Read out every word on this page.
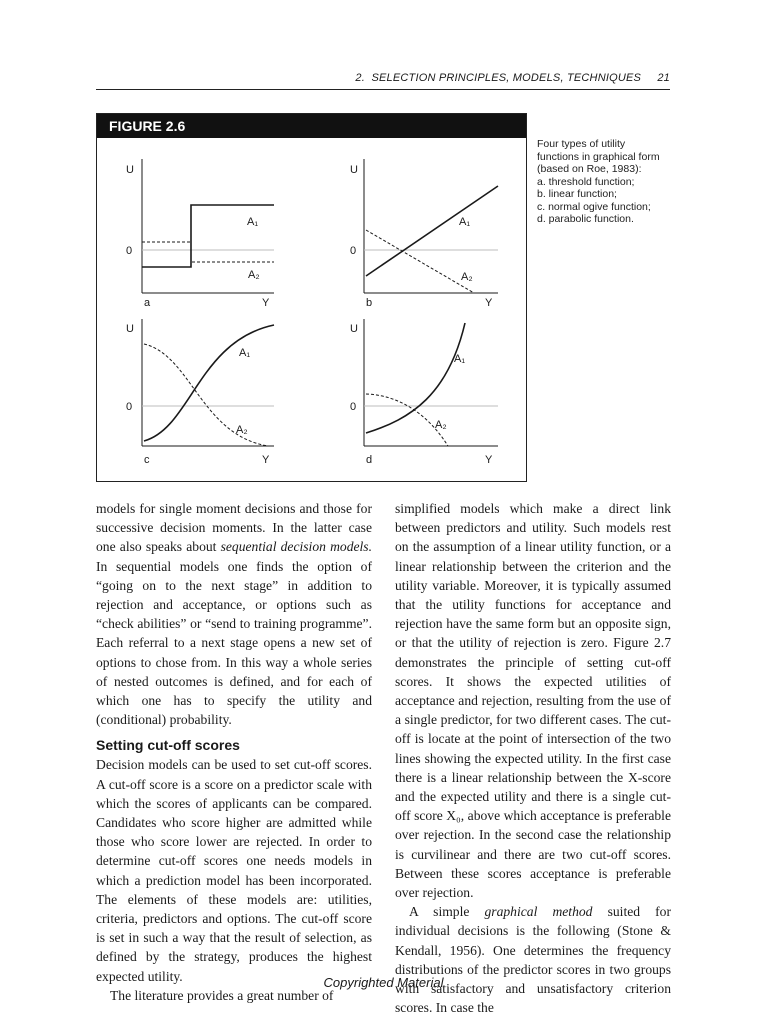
2.  SELECTION PRINCIPLES, MODELS, TECHNIQUES     21
FIGURE 2.6
U
0
A₁
A₂
a	Y
U
0
A₁
A₂
b	Y
U
0
A₁
A₂
c	Y
U
0
A₁
A₂
d	Y
Four types of utility
functions in graphical form
(based on Roe, 1983):
a. threshold function;
b. linear function;
c. normal ogive function;
d. parabolic function.

models for single moment decisions and those for successive decision moments. In the latter case one also speaks about sequential decision models. In sequential models one finds the option of “going on to the next stage” in addition to rejection and acceptance, or options such as “check abilities” or “send to training programme”. Each referral to a next stage opens a new set of options to chose from. In this way a whole series of nested outcomes is defined, and for each of which one has to specify the utility and (conditional) probability.

Setting cut-off scores

Decision models can be used to set cut-off scores. A cut-off score is a score on a predictor scale with which the scores of applicants can be compared. Candidates who score higher are admitted while those who score lower are rejected. In order to determine cut-off scores one needs models in which a prediction model has been incorporated. The elements of these models are: utilities, criteria, predictors and options. The cut-off score is set in such a way that the result of selection, as defined by the strategy, produces the highest expected utility.

The literature provides a great number of

simplified models which make a direct link between predictors and utility. Such models rest on the assumption of a linear utility function, or a linear relationship between the criterion and the utility variable. Moreover, it is typically assumed that the utility functions for acceptance and rejection have the same form but an opposite sign, or that the utility of rejection is zero. Figure 2.7 demonstrates the principle of setting cut-off scores. It shows the expected utilities of acceptance and rejection, resulting from the use of a single predictor, for two different cases. The cut-off is locate at the point of intersection of the two lines showing the expected utility. In the first case there is a linear relationship between the X-score and the expected utility and there is a single cut-off score X₀, above which acceptance is preferable over rejection. In the second case the relationship is curvilinear and there are two cut-off scores. Between these scores acceptance is preferable over rejection.

A simple graphical method suited for individual decisions is the following (Stone & Kendall, 1956). One determines the frequency distributions of the predictor scores in two groups with satisfactory and unsatisfactory criterion scores. In case the

Copyrighted Material
